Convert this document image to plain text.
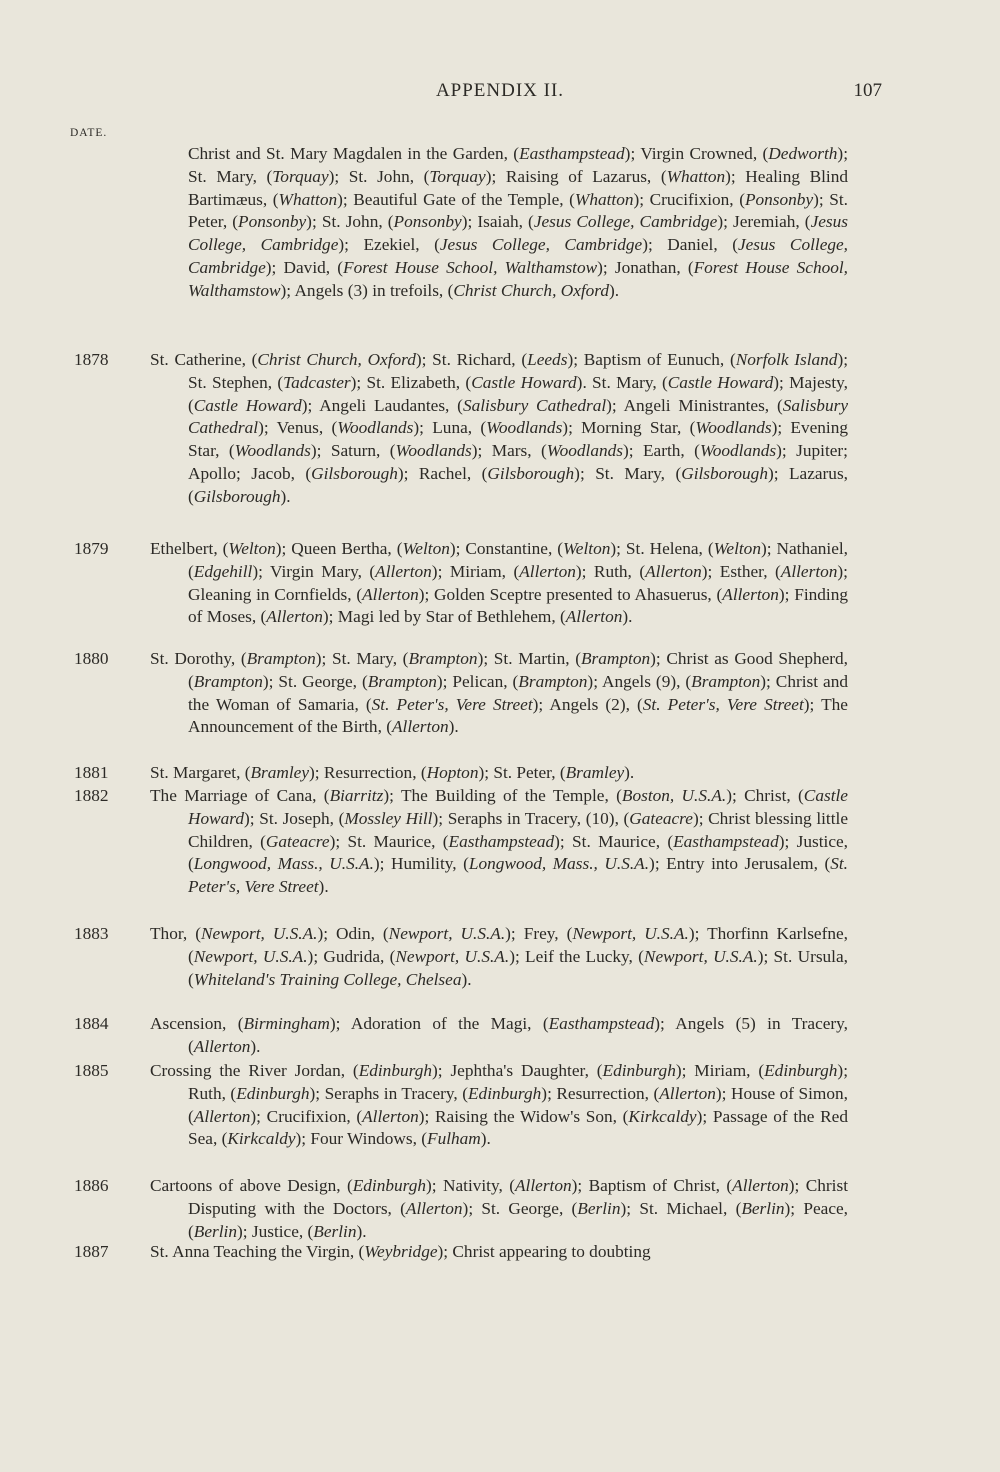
APPENDIX II.	107
DATE.
Christ and St. Mary Magdalen in the Garden, (Easthampstead); Virgin Crowned, (Dedworth); St. Mary, (Torquay); St. John, (Torquay); Raising of Lazarus, (Whatton); Healing Blind Bartimæus, (Whatton); Beautiful Gate of the Temple, (Whatton); Crucifixion, (Ponsonby); St. Peter, (Ponsonby); St. John, (Ponsonby); Isaiah, (Jesus College, Cambridge); Jeremiah, (Jesus College, Cambridge); Ezekiel, (Jesus College, Cambridge); Daniel, (Jesus College, Cambridge); David, (Forest House School, Walthamstow); Jonathan, (Forest House School, Walthamstow); Angels (3) in trefoils, (Christ Church, Oxford).
1878 St. Catherine, (Christ Church, Oxford); St. Richard, (Leeds); Baptism of Eunuch, (Norfolk Island); St. Stephen, (Tadcaster); St. Elizabeth, (Castle Howard). St. Mary, (Castle Howard); Majesty, (Castle Howard); Angeli Laudantes, (Salisbury Cathedral); Angeli Ministrantes, (Salisbury Cathedral); Venus, (Woodlands); Luna, (Woodlands); Morning Star, (Woodlands); Evening Star, (Woodlands); Saturn, (Woodlands); Mars, (Woodlands); Earth, (Woodlands); Jupiter; Apollo; Jacob, (Gilsborough); Rachel, (Gilsborough); St. Mary, (Gilsborough); Lazarus, (Gilsborough).
1879 Ethelbert, (Welton); Queen Bertha, (Welton); Constantine, (Welton); St. Helena, (Welton); Nathaniel, (Edgehill); Virgin Mary, (Allerton); Miriam, (Allerton); Ruth, (Allerton); Esther, (Allerton); Gleaning in Cornfields, (Allerton); Golden Sceptre presented to Ahasuerus, (Allerton); Finding of Moses, (Allerton); Magi led by Star of Bethlehem, (Allerton).
1880 St. Dorothy, (Brampton); St. Mary, (Brampton); St. Martin, (Brampton); Christ as Good Shepherd, (Brampton); St. George, (Brampton); Pelican, (Brampton); Angels (9), (Brampton); Christ and the Woman of Samaria, (St. Peter's, Vere Street); Angels (2), (St. Peter's, Vere Street); The Announcement of the Birth, (Allerton).
1881 St. Margaret, (Bramley); Resurrection, (Hopton); St. Peter, (Bramley).
1882 The Marriage of Cana, (Biarritz); The Building of the Temple, (Boston, U.S.A.); Christ, (Castle Howard); St. Joseph, (Mossley Hill); Seraphs in Tracery, (10), (Gateacre); Christ blessing little Children, (Gateacre); St. Maurice, (Easthampstead); St. Maurice, (Easthampstead); Justice, (Longwood, Mass., U.S.A.); Humility, (Longwood, Mass., U.S.A.); Entry into Jerusalem, (St. Peter's, Vere Street).
1883 Thor, (Newport, U.S.A.); Odin, (Newport, U.S.A.); Frey, (Newport, U.S.A.); Thorfinn Karlsefne, (Newport, U.S.A.); Gudrida, (Newport, U.S.A.); Leif the Lucky, (Newport, U.S.A.); St. Ursula, (Whiteland's Training College, Chelsea).
1884 Ascension, (Birmingham); Adoration of the Magi, (Easthampstead); Angels (5) in Tracery, (Allerton).
1885 Crossing the River Jordan, (Edinburgh); Jephtha's Daughter, (Edinburgh); Miriam, (Edinburgh); Ruth, (Edinburgh); Seraphs in Tracery, (Edinburgh); Resurrection, (Allerton); House of Simon, (Allerton); Crucifixion, (Allerton); Raising the Widow's Son, (Kirkcaldy); Passage of the Red Sea, (Kirkcaldy); Four Windows, (Fulham).
1886 Cartoons of above Design, (Edinburgh); Nativity, (Allerton); Baptism of Christ, (Allerton); Christ Disputing with the Doctors, (Allerton); St. George, (Berlin); St. Michael, (Berlin); Peace, (Berlin); Justice, (Berlin).
1887 St. Anna Teaching the Virgin, (Weybridge); Christ appearing to doubting
